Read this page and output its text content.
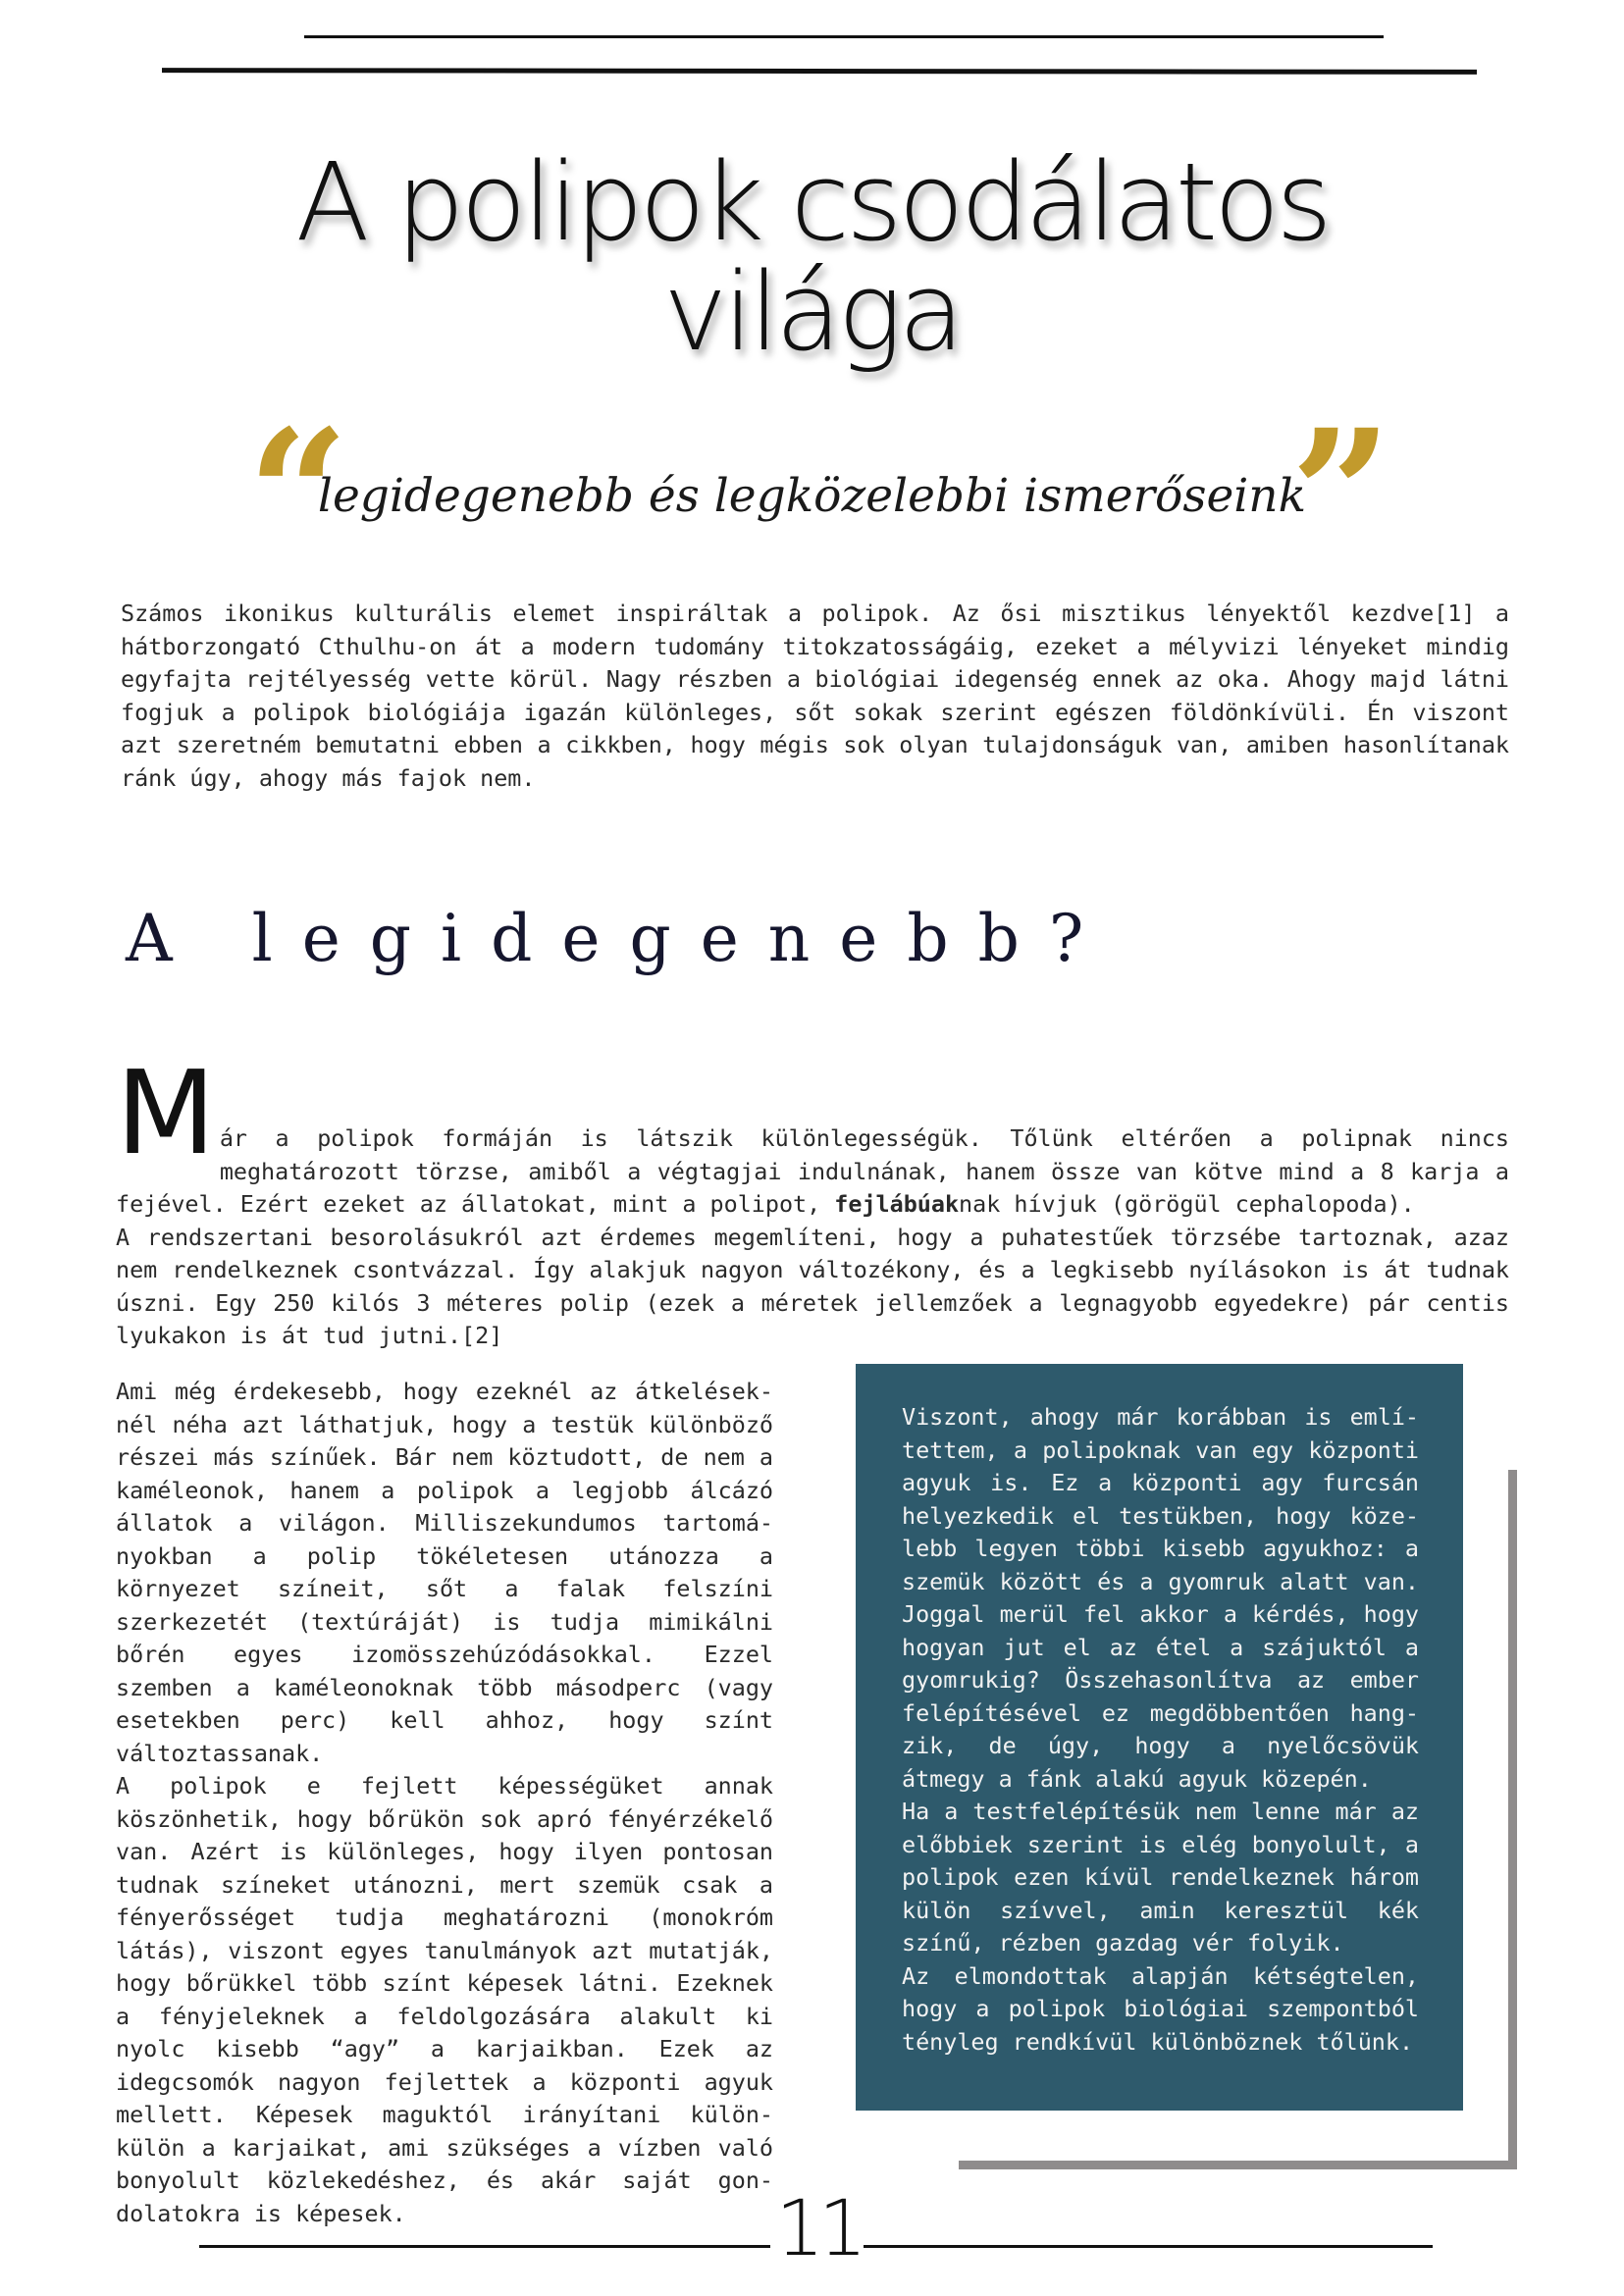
A polipok csodálatos világa
“

legidegenebb és legközelebbi ismerőseink

”

Számos ikonikus kulturális elemet inspiráltak a polipok. Az ősi misztikus lényektől kezdve[1] a hátborzongató Cthulhu-on át a modern tudomány titokzatosságáig, ezeket a mélyvizi lényeket mindig egyfajta rejtélyesség vette körül. Nagy részben a biológiai idegenség ennek az oka. Ahogy majd látni fogjuk a polipok biológiája igazán különleges, sőt sokak szerint egészen földönkívüli. Én viszont azt szeretném bemutatni ebben a cikkben, hogy mégis sok olyan tulajdonságuk van, amiben hasonlítanak ránk úgy, ahogy más fajok nem.

A legidegenebb?
M ár a polipok formáján is látszik különlegességük. Tőlünk eltérően a polipnak nincs meghatározott törzse, amiből a végtagjai indulnának, hanem össze van kötve mind a 8 karja a fejével. Ezért ezeket az állatokat, mint a polipot, fejlábúaknak hívjuk (görögül cephalopoda).

A rendszertani besorolásukról azt érdemes megemlíteni, hogy a puhatestűek törzsébe tartoznak, azaz nem rendelkeznek csontvázzal. Így alakjuk nagyon változékony, és a legkisebb nyílásokon is át tudnak úszni. Egy 250 kilós 3 méteres polip (ezek a méretek jellemzőek a legnagyobb egyedekre) pár centis lyukakon is át tud jutni.[2]

Ami még érdekesebb, hogy ezeknél az átkeléseknél néha azt láthatjuk, hogy a testük különböző részei más színűek. Bár nem köztudott, de nem a kaméleonok, hanem a polipok a legjobb álcázó állatok a világon. Milliszekundumos tartományokban a polip tökéletesen utánozza a környezet színeit, sőt a falak felszíni szerkezetét (textúráját) is tudja mimikálni bőrén egyes izomösszehúzódásokkal. Ezzel szemben a kaméleonoknak több másodperc (vagy esetekben perc) kell ahhoz, hogy színt változtassanak.

A polipok e fejlett képességüket annak köszönhetik, hogy bőrükön sok apró fényérzékelő van. Azért is különleges, hogy ilyen pontosan tudnak színeket utánozni, mert szemük csak a fényerősséget tudja meghatározni (monokróm látás), viszont egyes tanulmányok azt mutatják, hogy bőrükkel több színt képesek látni. Ezeknek a fényjeleknek a feldolgozására alakult ki nyolc kisebb “agy” a karjaikban. Ezek az idegcsomók nagyon fejlettek a központi agyuk mellett. Képesek maguktól irányítani külön-külön a karjaikat, ami szükséges a vízben való bonyolult közlekedéshez, és akár saját gondolatokra is képesek.

Viszont, ahogy már korábban is említettem, a polipoknak van egy központi agyuk is. Ez a központi agy furcsán helyezkedik el testükben, hogy közelebb legyen többi kisebb agyukhoz: a szemük között és a gyomruk alatt van. Joggal merül fel akkor a kérdés, hogy hogyan jut el az étel a szájuktól a gyomrukig? Összehasonlítva az ember felépítésével ez megdöbbentően hangzik, de úgy, hogy a nyelőcsövük átmegy a fánk alakú agyuk közepén.

Ha a testfelépítésük nem lenne már az előbbiek szerint is elég bonyolult, a polipok ezen kívül rendelkeznek három külön szívvel, amin keresztül kék színű, rézben gazdag vér folyik.

Az elmondottak alapján kétségtelen, hogy a polipok biológiai szempontból tényleg rendkívül különböznek tőlünk.

11
